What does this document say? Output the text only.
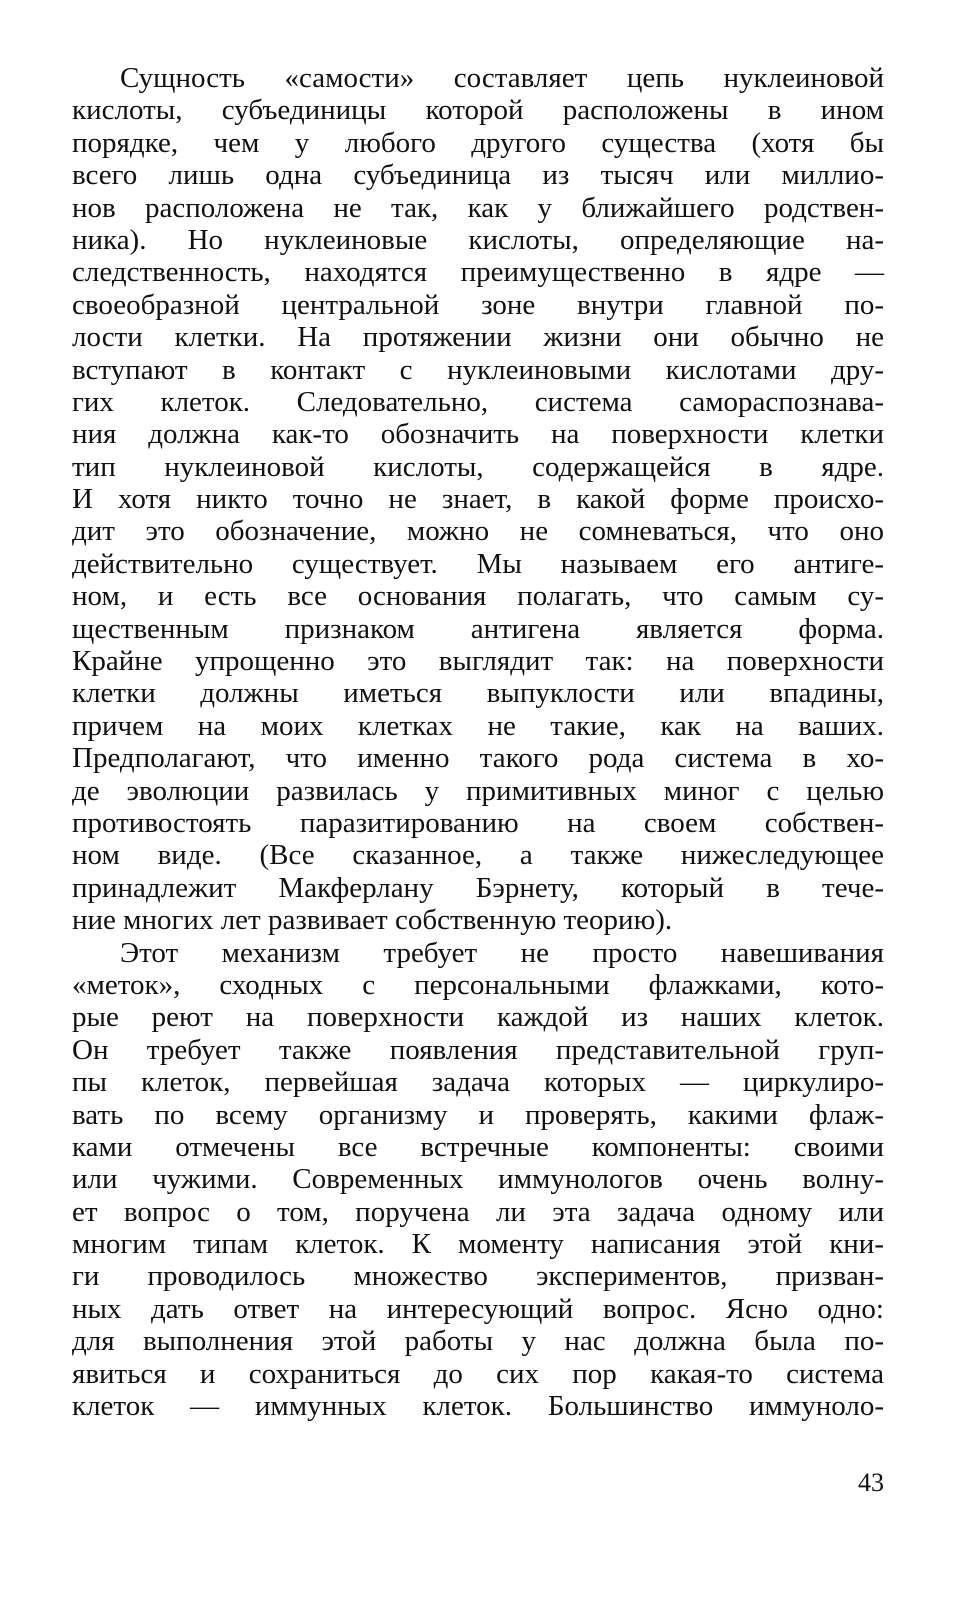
Сущность «самости» составляет цепь нуклеиновой
кислоты, субъединицы которой расположены в ином
порядке, чем у любого другого существа (хотя бы
всего лишь одна субъединица из тысяч или миллио-
нов расположена не так, как у ближайшего родствен-
ника). Но нуклеиновые кислоты, определяющие на-
следственность, находятся преимущественно в ядре —
своеобразной центральной зоне внутри главной по-
лости клетки. На протяжении жизни они обычно не
вступают в контакт с нуклеиновыми кислотами дру-
гих клеток. Следовательно, система самораспознава-
ния должна как-то обозначить на поверхности клетки
тип нуклеиновой кислоты, содержащейся в ядре.
И хотя никто точно не знает, в какой форме происхо-
дит это обозначение, можно не сомневаться, что оно
действительно существует. Мы называем его антиге-
ном, и есть все основания полагать, что самым су-
щественным признаком антигена является форма.
Крайне упрощенно это выглядит так: на поверхности
клетки должны иметься выпуклости или впадины,
причем на моих клетках не такие, как на ваших.
Предполагают, что именно такого рода система в хо-
де эволюции развилась у примитивных миног с целью
противостоять паразитированию на своем собствен-
ном виде. (Все сказанное, а также нижеследующее
принадлежит Макферлану Бэрнету, который в тече-
ние многих лет развивает собственную теорию).
Этот механизм требует не просто навешивания
«меток», сходных с персональными флажками, кото-
рые реют на поверхности каждой из наших клеток.
Он требует также появления представительной груп-
пы клеток, первейшая задача которых — циркулиро-
вать по всему организму и проверять, какими флаж-
ками отмечены все встречные компоненты: своими
или чужими. Современных иммунологов очень волну-
ет вопрос о том, поручена ли эта задача одному или
многим типам клеток. К моменту написания этой кни-
ги проводилось множество экспериментов, призван-
ных дать ответ на интересующий вопрос. Ясно одно:
для выполнения этой работы у нас должна была по-
явиться и сохраниться до сих пор какая-то система
клеток — иммунных клеток. Большинство иммуноло-
43
